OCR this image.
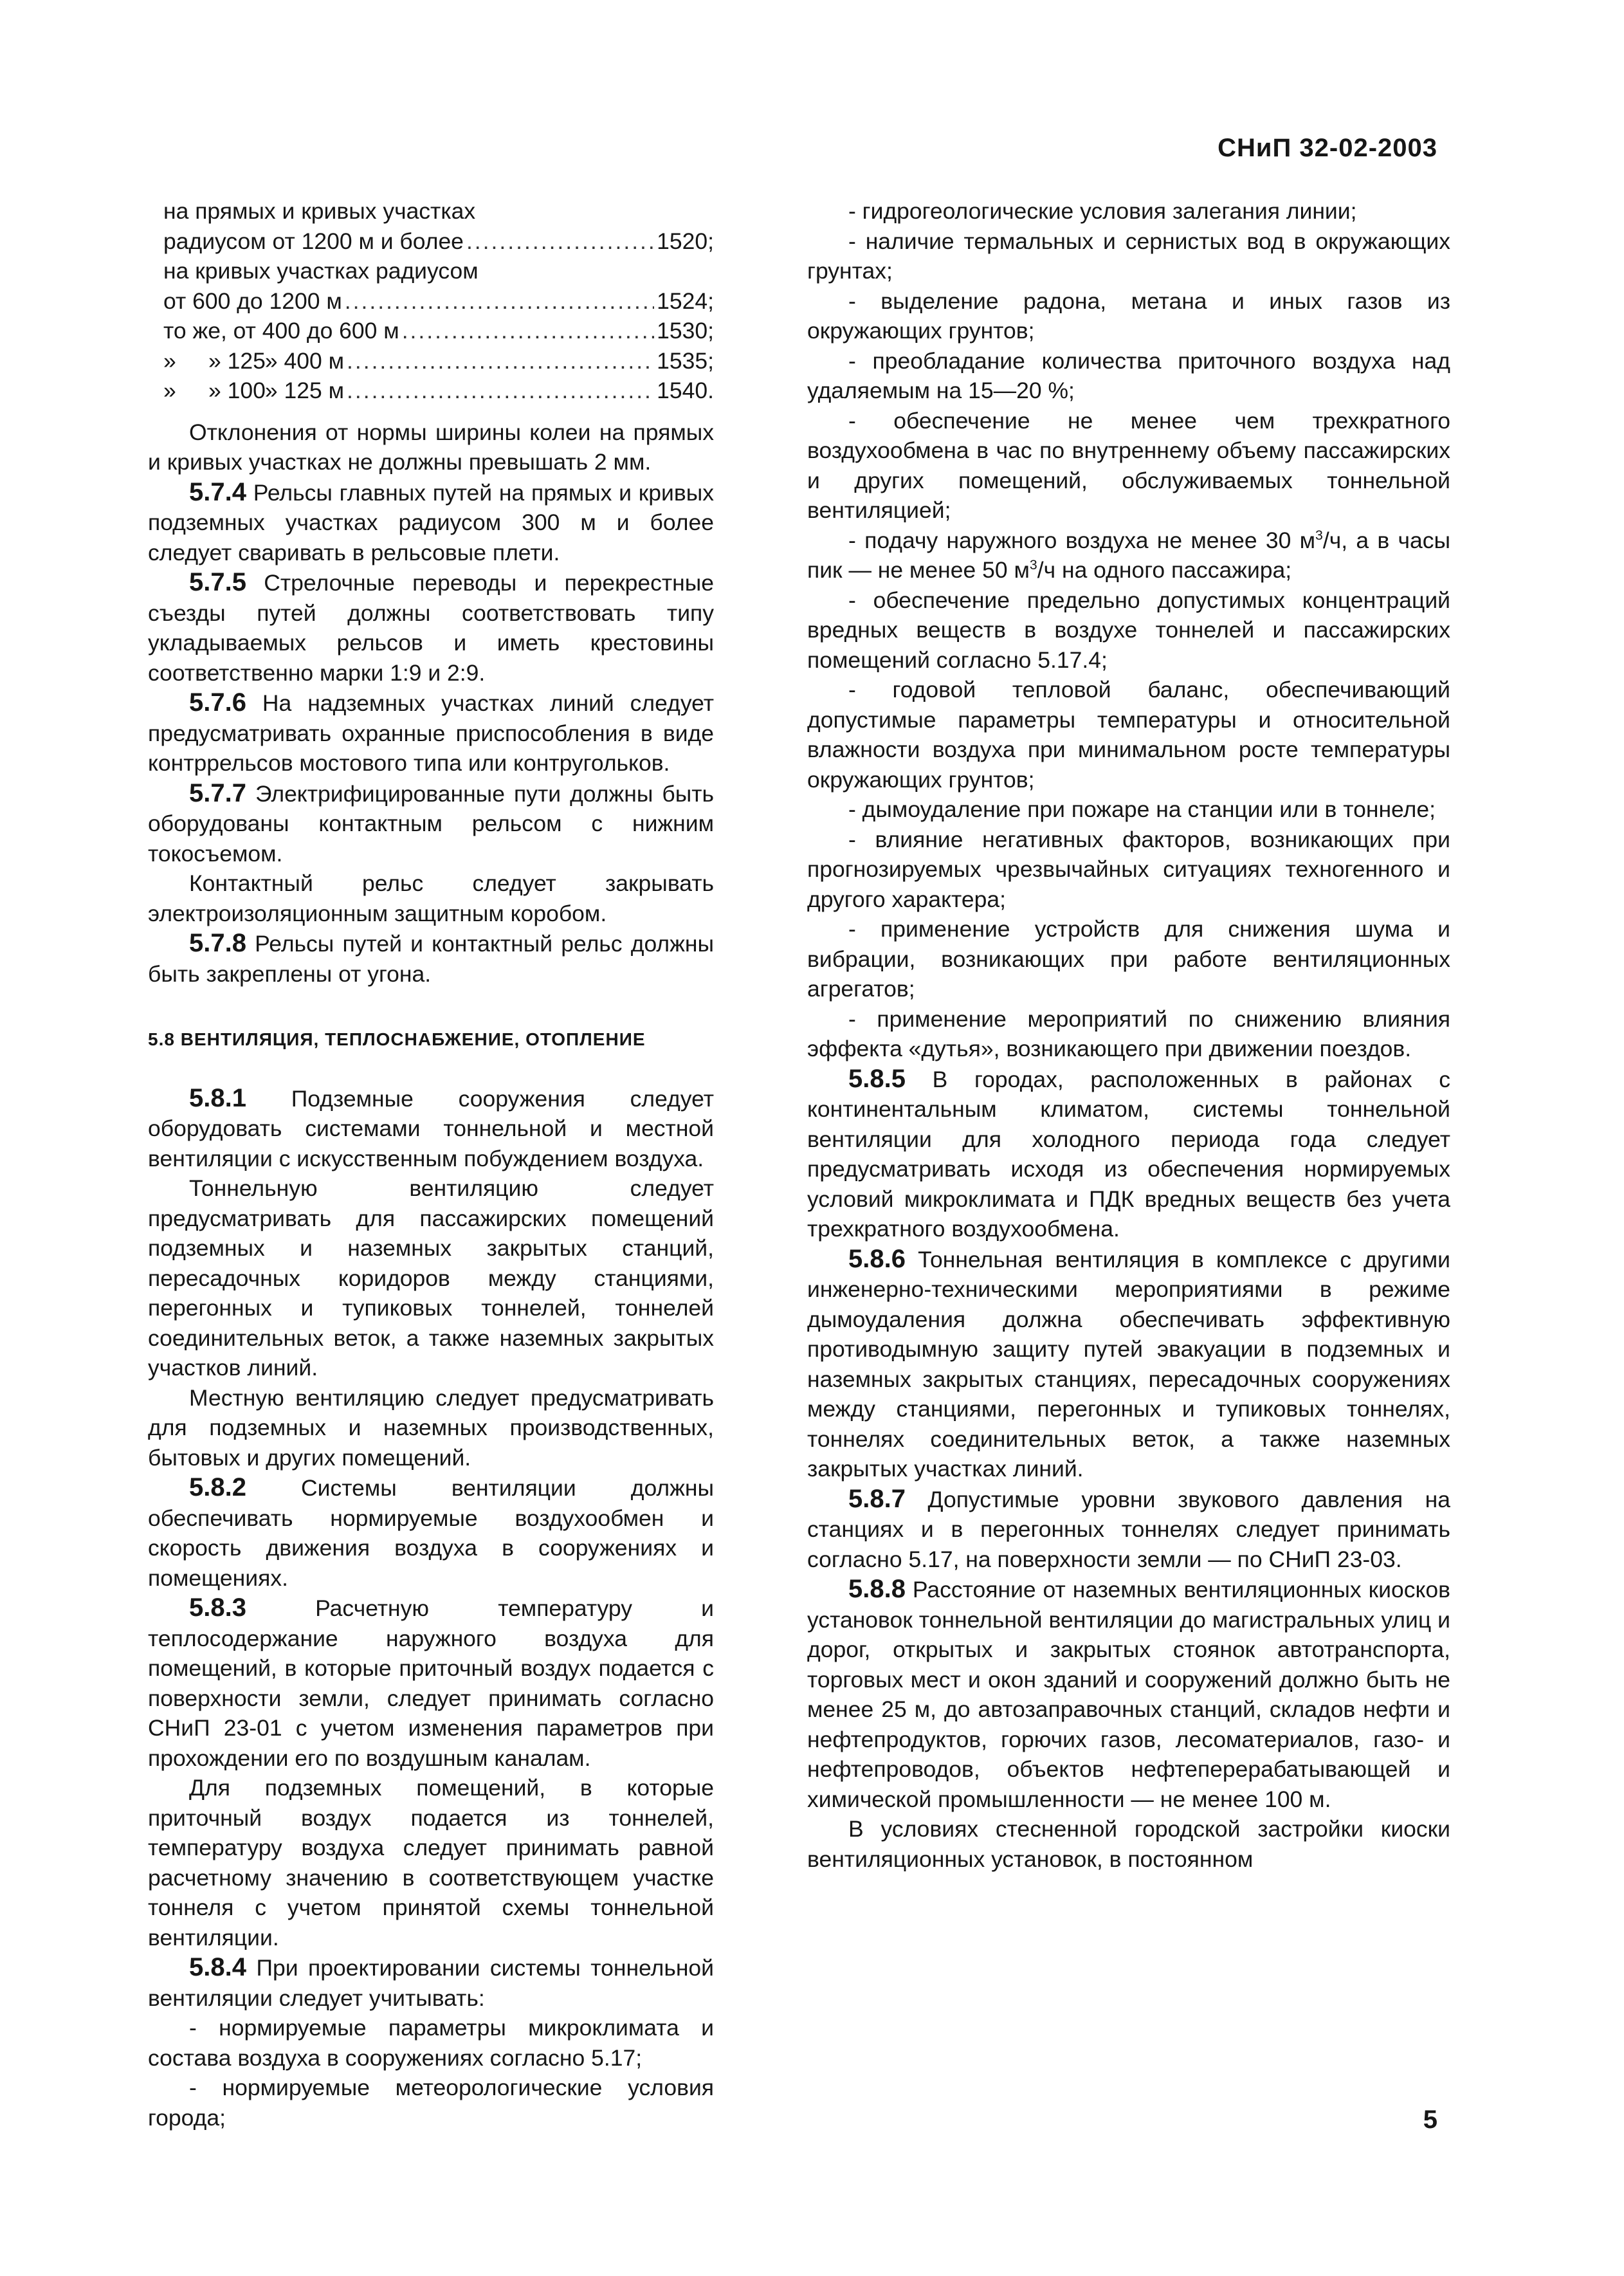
СНиП 32-02-2003
на прямых и кривых участках
радиусом от 1200 м и более .....	1520;
на кривых участках радиусом
от 600 до 1200 м .....	1524;
то же, от 400 до 600 м .....	1530;
» » 125 » 400 м .....	1535;
» » 100 » 125 м .....	1540.

Отклонения от нормы ширины колеи на прямых и кривых участках не должны превышать 2 мм.

5.7.4 Рельсы главных путей на прямых и кривых подземных участках радиусом 300 м и более следует сваривать в рельсовые плети.

5.7.5 Стрелочные переводы и перекрестные съезды путей должны соответствовать типу укладываемых рельсов и иметь крестовины соответственно марки 1:9 и 2:9.

5.7.6 На надземных участках линий следует предусматривать охранные приспособления в виде контррельсов мостового типа или контругольков.

5.7.7 Электрифицированные пути должны быть оборудованы контактным рельсом с нижним токосъемом.

Контактный рельс следует закрывать электроизоляционным защитным коробом.

5.7.8 Рельсы путей и контактный рельс должны быть закреплены от угона.

5.8 ВЕНТИЛЯЦИЯ, ТЕПЛОСНАБЖЕНИЕ, ОТОПЛЕНИЕ

5.8.1 Подземные сооружения следует оборудовать системами тоннельной и местной вентиляции с искусственным побуждением воздуха.

Тоннельную вентиляцию следует предусматривать для пассажирских помещений подземных и наземных закрытых станций, пересадочных коридоров между станциями, перегонных и тупиковых тоннелей, тоннелей соединительных веток, а также наземных закрытых участков линий.

Местную вентиляцию следует предусматривать для подземных и наземных производственных, бытовых и других помещений.

5.8.2 Системы вентиляции должны обеспечивать нормируемые воздухообмен и скорость движения воздуха в сооружениях и помещениях.

5.8.3 Расчетную температуру и теплосодержание наружного воздуха для помещений, в которые приточный воздух подается с поверхности земли, следует принимать согласно СНиП 23-01 с учетом изменения параметров при прохождении его по воздушным каналам.

Для подземных помещений, в которые приточный воздух подается из тоннелей, температуру воздуха следует принимать равной расчетному значению в соответствующем участке тоннеля с учетом принятой схемы тоннельной вентиляции.

5.8.4 При проектировании системы тоннельной вентиляции следует учитывать:

- нормируемые параметры микроклимата и состава воздуха в сооружениях согласно 5.17;

- нормируемые метеорологические условия города;

- гидрогеологические условия залегания линии;

- наличие термальных и сернистых вод в окружающих грунтах;

- выделение радона, метана и иных газов из окружающих грунтов;

- преобладание количества приточного воздуха над удаляемым на 15—20 %;

- обеспечение не менее чем трехкратного воздухообмена в час по внутреннему объему пассажирских и других помещений, обслуживаемых тоннельной вентиляцией;

- подачу наружного воздуха не менее 30 $м^3/ч$, а в часы пик — не менее 50 $м^3/ч$ на одного пассажира;

- обеспечение предельно допустимых концентраций вредных веществ в воздухе тоннелей и пассажирских помещений согласно 5.17.4;

- годовой тепловой баланс, обеспечивающий допустимые параметры температуры и относительной влажности воздуха при минимальном росте температуры окружающих грунтов;

- дымоудаление при пожаре на станции или в тоннеле;

- влияние негативных факторов, возникающих при прогнозируемых чрезвычайных ситуациях техногенного и другого характера;

- применение устройств для снижения шума и вибрации, возникающих при работе вентиляционных агрегатов;

- применение мероприятий по снижению влияния эффекта «дутья», возникающего при движении поездов.

5.8.5 В городах, расположенных в районах с континентальным климатом, системы тоннельной вентиляции для холодного периода года следует предусматривать исходя из обеспечения нормируемых условий микроклимата и ПДК вредных веществ без учета трехкратного воздухообмена.

5.8.6 Тоннельная вентиляция в комплексе с другими инженерно-техническими мероприятиями в режиме дымоудаления должна обеспечивать эффективную противодымную защиту путей эвакуации в подземных и наземных закрытых станциях, пересадочных сооружениях между станциями, перегонных и тупиковых тоннелях, тоннелях соединительных веток, а также наземных закрытых участках линий.

5.8.7 Допустимые уровни звукового давления на станциях и в перегонных тоннелях следует принимать согласно 5.17, на поверхности земли — по СНиП 23-03.

5.8.8 Расстояние от наземных вентиляционных киосков установок тоннельной вентиляции до магистральных улиц и дорог, открытых и закрытых стоянок автотранспорта, торговых мест и окон зданий и сооружений должно быть не менее 25 м, до автозаправочных станций, складов нефти и нефтепродуктов, горючих газов, лесоматериалов, газо- и нефтепроводов, объектов нефтеперерабатывающей и химической промышленности — не менее 100 м.

В условиях стесненной городской застройки киоски вентиляционных установок, в постоянном

5
